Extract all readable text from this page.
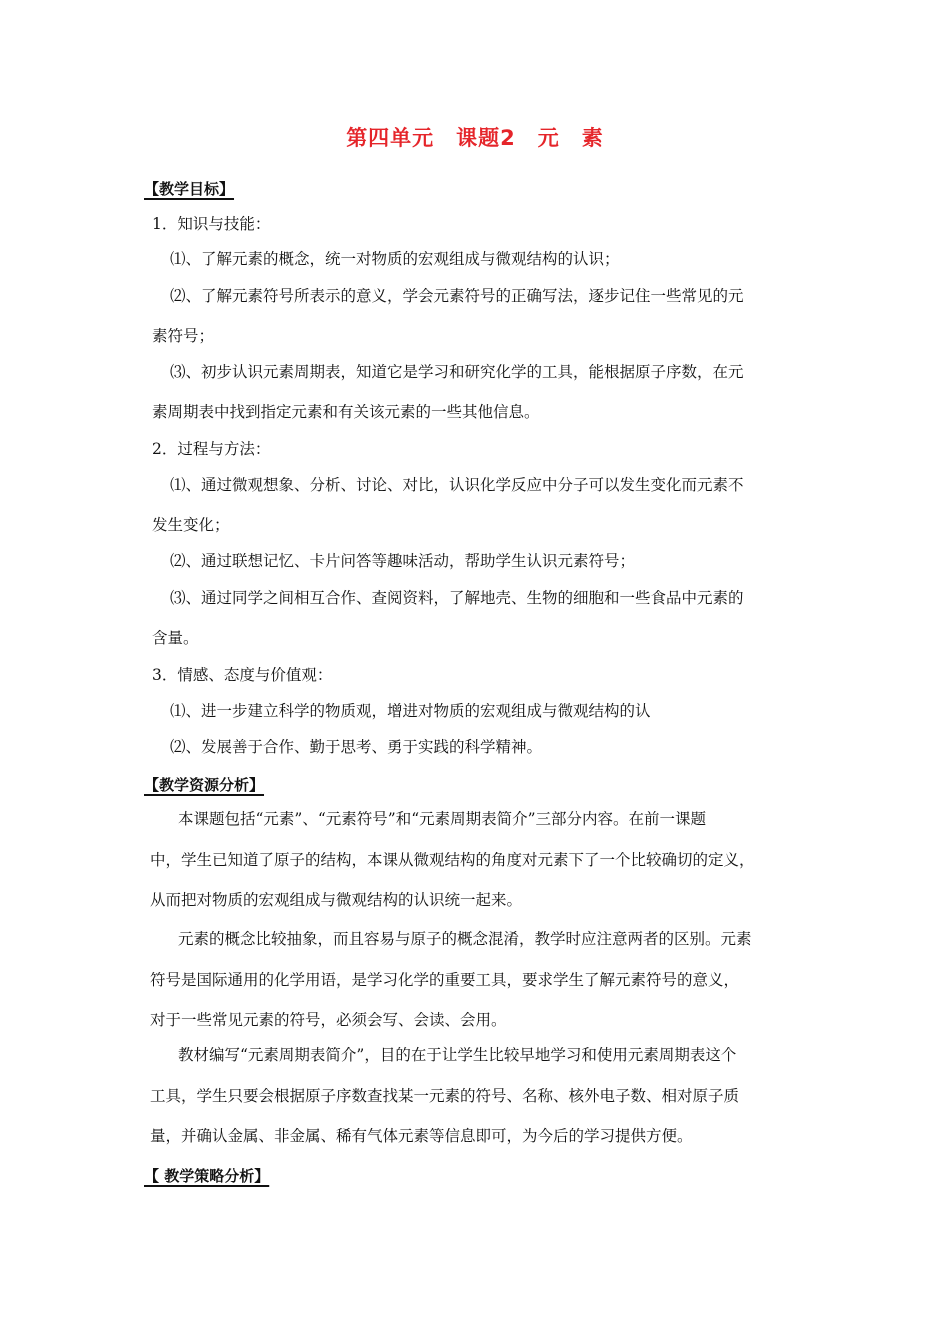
第四单元　课题2　元　素
【教学目标】
1．知识与技能：
⑴、了解元素的概念，统一对物质的宏观组成与微观结构的认识；
⑵、了解元素符号所表示的意义，学会元素符号的正确写法，逐步记住一些常见的元
素符号；
⑶、初步认识元素周期表，知道它是学习和研究化学的工具，能根据原子序数，在元
素周期表中找到指定元素和有关该元素的一些其他信息。
2．过程与方法：
⑴、通过微观想象、分析、讨论、对比，认识化学反应中分子可以发生变化而元素不
发生变化；
⑵、通过联想记忆、卡片问答等趣味活动，帮助学生认识元素符号；
⑶、通过同学之间相互合作、查阅资料，了解地壳、生物的细胞和一些食品中元素的
含量。
3．情感、态度与价值观：
⑴、进一步建立科学的物质观，增进对物质的宏观组成与微观结构的认
⑵、发展善于合作、勤于思考、勇于实践的科学精神。
【教学资源分析】
本课题包括“元素”、“元素符号”和“元素周期表简介”三部分内容。在前一课题
中，学生已知道了原子的结构，本课从微观结构的角度对元素下了一个比较确切的定义，
从而把对物质的宏观组成与微观结构的认识统一起来。
元素的概念比较抽象，而且容易与原子的概念混淆，教学时应注意两者的区别。元素
符号是国际通用的化学用语，是学习化学的重要工具，要求学生了解元素符号的意义，
对于一些常见元素的符号，必须会写、会读、会用。
教材编写“元素周期表简介”，目的在于让学生比较早地学习和使用元素周期表这个
工具，学生只要会根据原子序数查找某一元素的符号、名称、核外电子数、相对原子质
量，并确认金属、非金属、稀有气体元素等信息即可，为今后的学习提供方便。
【 教学策略分析】
